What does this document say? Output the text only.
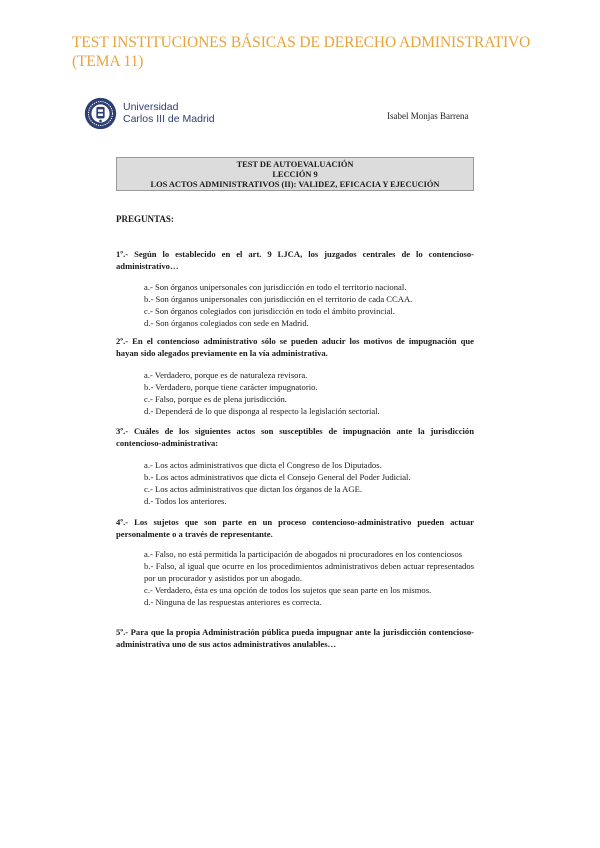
TEST INSTITUCIONES BÁSICAS DE DERECHO ADMINISTRATIVO (TEMA 11)
Universidad
Carlos III de Madrid	Isabel Monjas Barrena
TEST DE AUTOEVALUACIÓN
LECCIÓN 9
LOS ACTOS ADMINISTRATIVOS (II): VALIDEZ, EFICACIA Y EJECUCIÓN
PREGUNTAS:
1º.- Según lo establecido en el art. 9 LJCA, los juzgados centrales de lo contencioso-administrativo…
a.- Son órganos unipersonales con jurisdicción en todo el territorio nacional.
b.- Son órganos unipersonales con jurisdicción en el territorio de cada CCAA.
c.- Son órganos colegiados con jurisdicción en todo el ámbito provincial.
d.- Son órganos colegiados con sede en Madrid.
2º.- En el contencioso administrativo sólo se pueden aducir los motivos de impugnación que hayan sido alegados previamente en la vía administrativa.
a.- Verdadero, porque es de naturaleza revisora.
b.- Verdadero, porque tiene carácter impugnatorio.
c.- Falso, porque es de plena jurisdicción.
d.- Dependerá de lo que disponga al respecto la legislación sectorial.
3º.- Cuáles de los siguientes actos son susceptibles de impugnación ante la jurisdicción contencioso-administrativa:
a.- Los actos administrativos que dicta el Congreso de los Diputados.
b.- Los actos administrativos que dicta el Consejo General del Poder Judicial.
c.- Los actos administrativos que dictan los órganos de la AGE.
d.- Todos los anteriores.
4º.- Los sujetos que son parte en un proceso contencioso-administrativo pueden actuar personalmente o a través de representante.
a.- Falso, no está permitida la participación de abogados ni procuradores en los contenciosos
b.- Falso, al igual que ocurre en los procedimientos administrativos deben actuar representados por un procurador y asistidos por un abogado.
c.- Verdadero, ésta es una opción de todos los sujetos que sean parte en los mismos.
d.- Ninguna de las respuestas anteriores es correcta.
5º.- Para que la propia Administración pública pueda impugnar ante la jurisdicción contencioso-administrativa uno de sus actos administrativos anulables…
